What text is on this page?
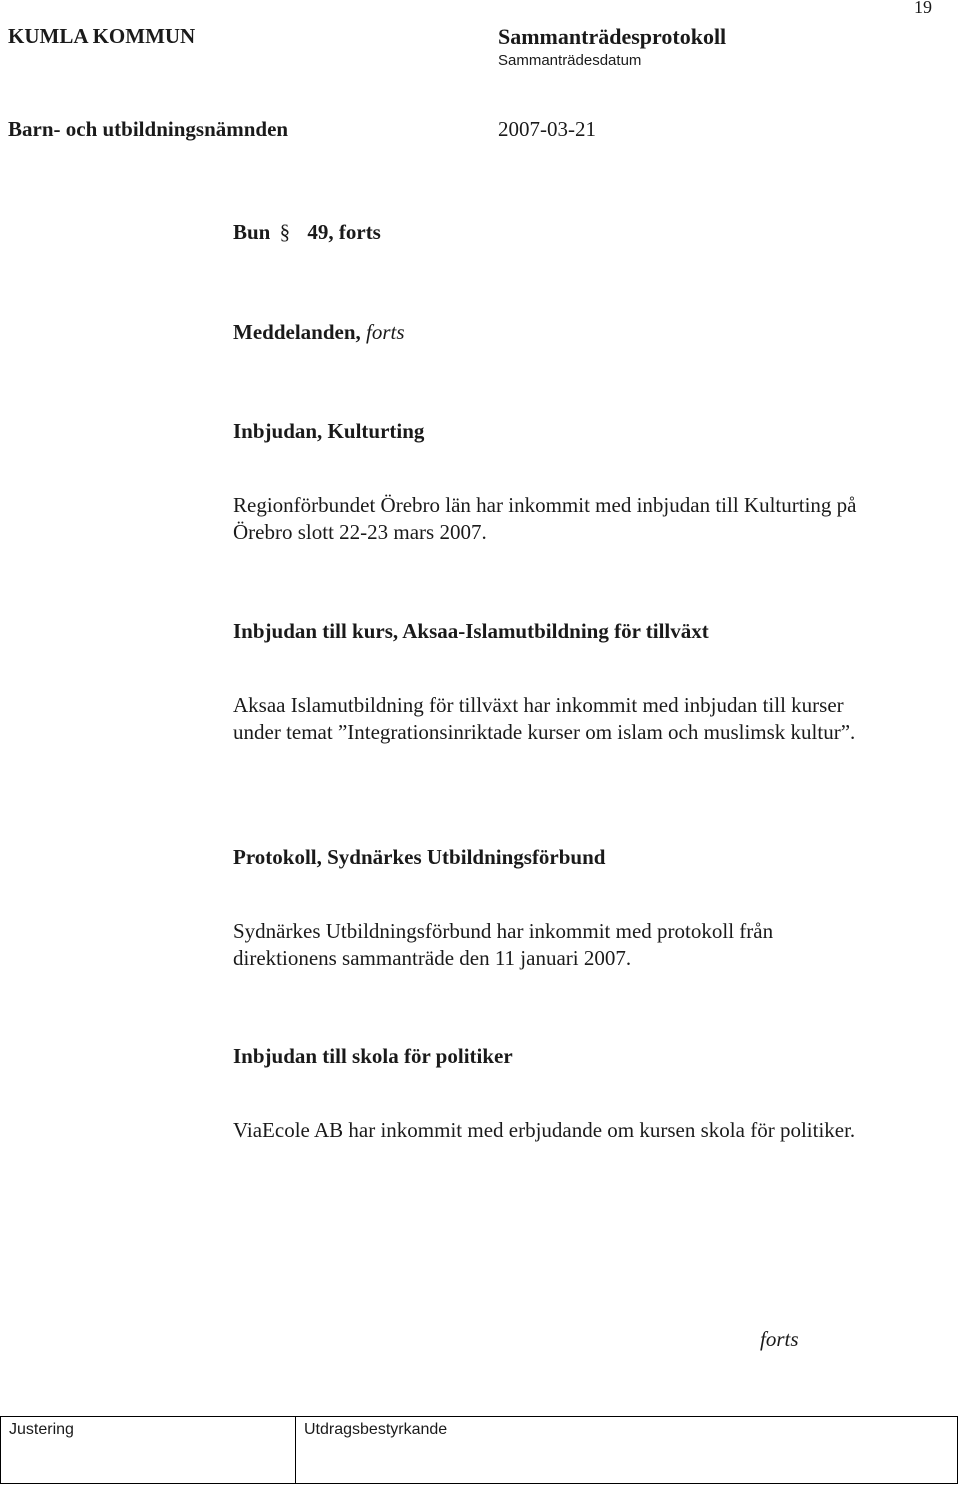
19
KUMLA KOMMUN	Sammanträdesprotokoll
Sammanträdesdatum
Barn- och utbildningsnämnden	2007-03-21
Bun § 49, forts
Meddelanden, forts
Inbjudan, Kulturting
Regionförbundet Örebro län har inkommit med inbjudan till Kulturting på Örebro slott 22-23 mars 2007.
Inbjudan till kurs, Aksaa-Islamutbildning för tillväxt
Aksaa Islamutbildning för tillväxt har inkommit med inbjudan till kurser under temat ”Integrationsinriktade kurser om islam och muslimsk kultur”.
Protokoll, Sydnärkes Utbildningsförbund
Sydnärkes Utbildningsförbund har inkommit med protokoll från direktionens sammanträde den 11 januari 2007.
Inbjudan till skola för politiker
ViaEcole AB har inkommit med erbjudande om kursen skola för politiker.
forts
Justering	Utdragsbestyrkande
